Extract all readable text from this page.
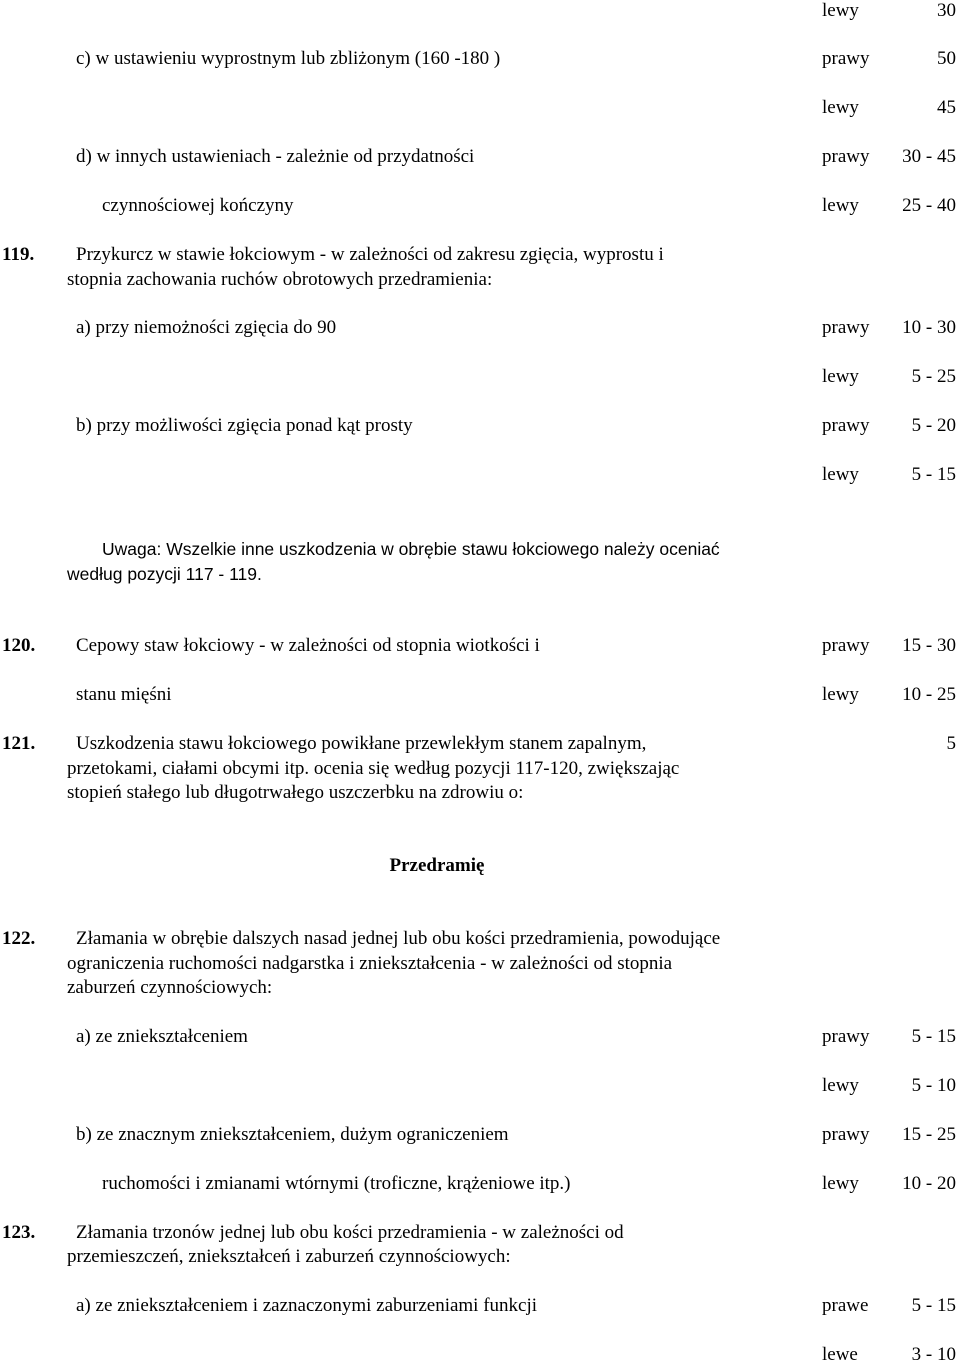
lewy	30
c) w ustawieniu wyprostnym lub zbliżonym (160 -180 )	prawy	50
lewy	45
d) w innych ustawieniach - zależnie od przydatności	prawy 30 - 45
czynnościowej kończyny	lewy 25 - 40
119. Przykurcz w stawie łokciowym - w zależności od zakresu zgięcia, wyprostu i
stopnia zachowania ruchów obrotowych przedramienia:
a) przy niemożności zgięcia do 90	prawy 10 - 30
lewy	5 - 25
b) przy możliwości zgięcia ponad kąt prosty	prawy 5 - 20
lewy	5 - 15
Uwaga: Wszelkie inne uszkodzenia w obrębie stawu łokciowego należy oceniać
według pozycji 117 - 119.
120. Cepowy staw łokciowy - w zależności od stopnia wiotkości i	prawy 15 - 30
stanu mięśni	lewy 10 - 25
121. Uszkodzenia stawu łokciowego powikłane przewlekłym stanem zapalnym,	5
przetokami, ciałami obcymi itp. ocenia się według pozycji 117-120, zwiększając
stopień stałego lub długotrwałego uszczerbku na zdrowiu o:
Przedramię
122. Złamania w obrębie dalszych nasad jednej lub obu kości przedramienia, powodujące
ograniczenia ruchomości nadgarstka i zniekształcenia - w zależności od stopnia
zaburzeń czynnościowych:
a) ze zniekształceniem	prawy 5 - 15
lewy	5 - 10
b) ze znacznym zniekształceniem, dużym ograniczeniem	prawy 15 - 25
ruchomości i zmianami wtórnymi (troficzne, krążeniowe itp.)	lewy 10 - 20
123. Złamania trzonów jednej lub obu kości przedramienia - w zależności od
przemieszczeń, zniekształceń i zaburzeń czynnościowych:
a) ze zniekształceniem i zaznaczonymi zaburzeniami funkcji	prawe 5 - 15
lewe	3 - 10
